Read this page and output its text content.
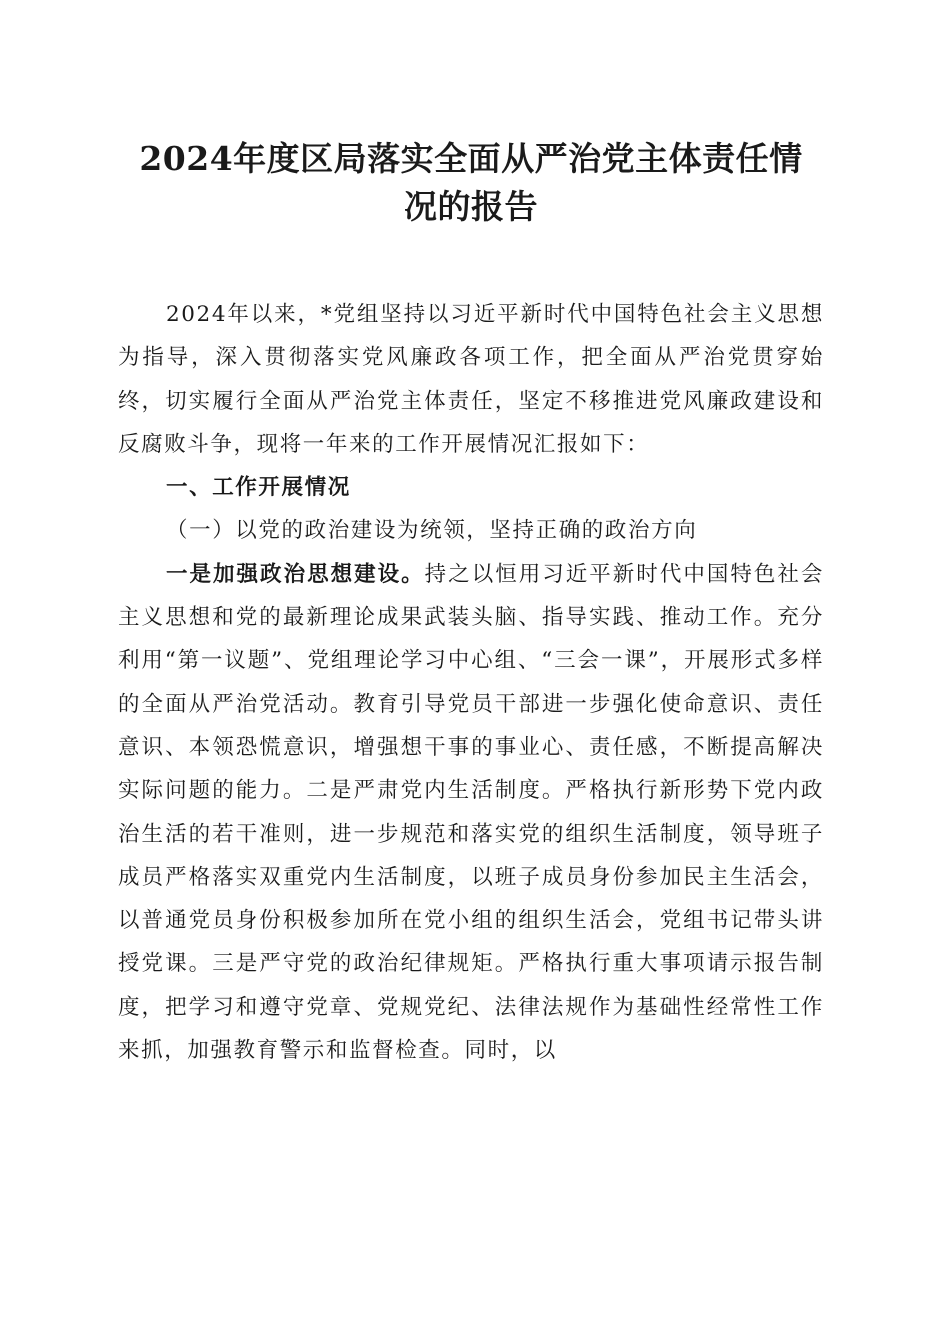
2024年度区局落实全面从严治党主体责任情
况的报告

2024年以来，*党组坚持以习近平新时代中国特色社会主义思想为指导，深入贯彻落实党风廉政各项工作，把全面从严治党贯穿始终，切实履行全面从严治党主体责任，坚定不移推进党风廉政建设和反腐败斗争，现将一年来的工作开展情况汇报如下：

一、工作开展情况

（一）以党的政治建设为统领，坚持正确的政治方向

一是加强政治思想建设。持之以恒用习近平新时代中国特色社会主义思想和党的最新理论成果武装头脑、指导实践、推动工作。充分利用“第一议题”、党组理论学习中心组、“三会一课”，开展形式多样的全面从严治党活动。教育引导党员干部进一步强化使命意识、责任意识、本领恐慌意识，增强想干事的事业心、责任感，不断提高解决实际问题的能力。二是严肃党内生活制度。严格执行新形势下党内政治生活的若干准则，进一步规范和落实党的组织生活制度，领导班子成员严格落实双重党内生活制度，以班子成员身份参加民主生活会，以普通党员身份积极参加所在党小组的组织生活会，党组书记带头讲授党课。三是严守党的政治纪律规矩。严格执行重大事项请示报告制度，把学习和遵守党章、党规党纪、法律法规作为基础性经常性工作来抓，加强教育警示和监督检查。同时，以
